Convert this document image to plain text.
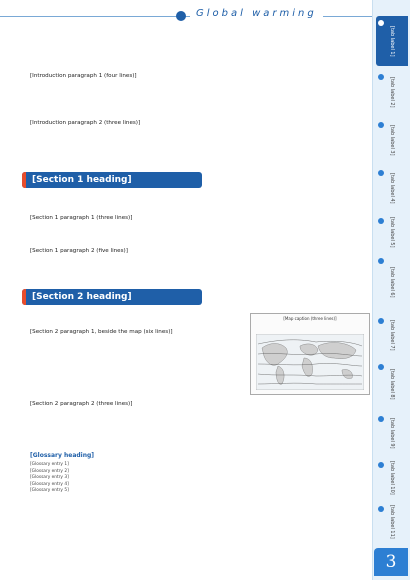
Global warming
[tab label 1]
[tab label 2]
[tab label 3]
[tab label 4]
[tab label 5]
[tab label 6]
[tab label 7]
[tab label 8]
[tab label 9]
[tab label 10]
[tab label 11]
3

[Introduction paragraph 1 (four lines)]

[Introduction paragraph 2 (three lines)]

[Section 1 heading]

[Section 1 paragraph 1 (three lines)]

[Section 1 paragraph 2 (five lines)]

[Section 2 heading]

[Section 2 paragraph 1, beside the map (six lines)]

[Map caption (three lines)]

[Section 2 paragraph 2 (three lines)]

[Glossary heading]
[Glossary entry 1]
[Glossary entry 2]
[Glossary entry 3]
[Glossary entry 4]
[Glossary entry 5]
